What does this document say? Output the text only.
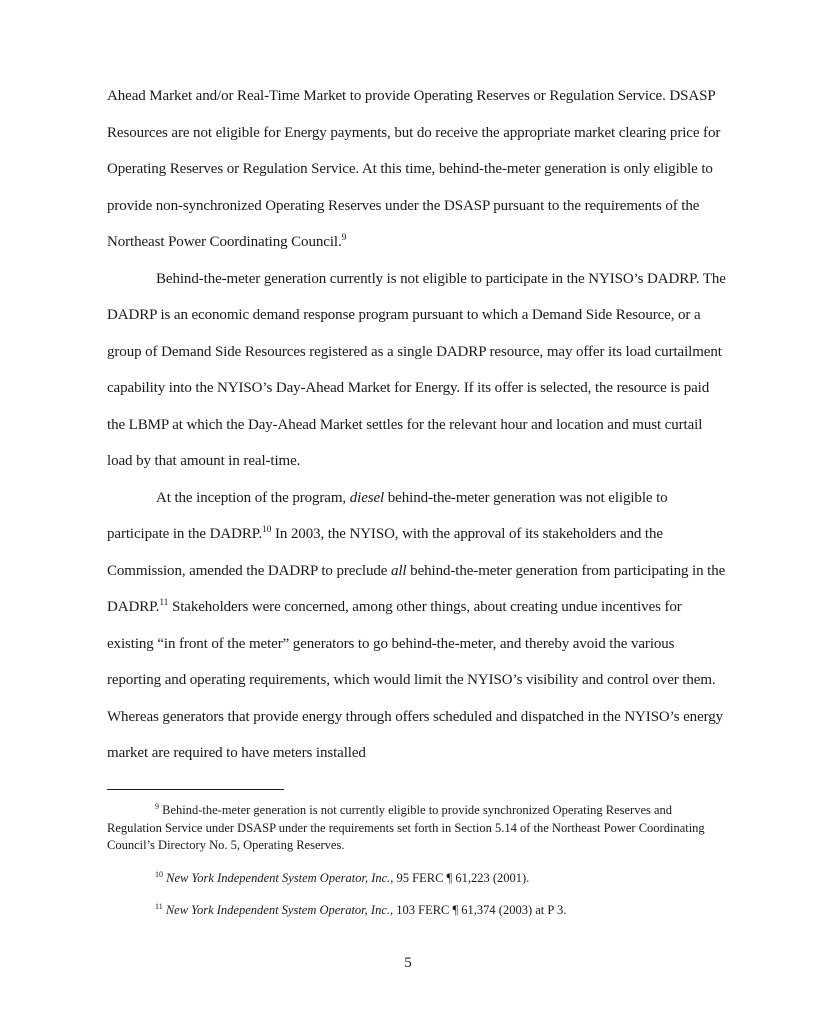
Ahead Market and/or Real-Time Market to provide Operating Reserves or Regulation Service. DSASP Resources are not eligible for Energy payments, but do receive the appropriate market clearing price for Operating Reserves or Regulation Service. At this time, behind-the-meter generation is only eligible to provide non-synchronized Operating Reserves under the DSASP pursuant to the requirements of the Northeast Power Coordinating Council.$^9$

Behind-the-meter generation currently is not eligible to participate in the NYISO’s DADRP. The DADRP is an economic demand response program pursuant to which a Demand Side Resource, or a group of Demand Side Resources registered as a single DADRP resource, may offer its load curtailment capability into the NYISO’s Day-Ahead Market for Energy. If its offer is selected, the resource is paid the LBMP at which the Day-Ahead Market settles for the relevant hour and location and must curtail load by that amount in real-time.

At the inception of the program, diesel behind-the-meter generation was not eligible to participate in the DADRP.$^{10}$ In 2003, the NYISO, with the approval of its stakeholders and the Commission, amended the DADRP to preclude all behind-the-meter generation from participating in the DADRP.$^{11}$ Stakeholders were concerned, among other things, about creating undue incentives for existing “in front of the meter” generators to go behind-the-meter, and thereby avoid the various reporting and operating requirements, which would limit the NYISO’s visibility and control over them. Whereas generators that provide energy through offers scheduled and dispatched in the NYISO’s energy market are required to have meters installed

$^9$ Behind-the-meter generation is not currently eligible to provide synchronized Operating Reserves and Regulation Service under DSASP under the requirements set forth in Section 5.14 of the Northeast Power Coordinating Council’s Directory No. 5, Operating Reserves.

$^{10}$ New York Independent System Operator, Inc., 95 FERC ¶ 61,223 (2001).

$^{11}$ New York Independent System Operator, Inc., 103 FERC ¶ 61,374 (2003) at P 3.

5
